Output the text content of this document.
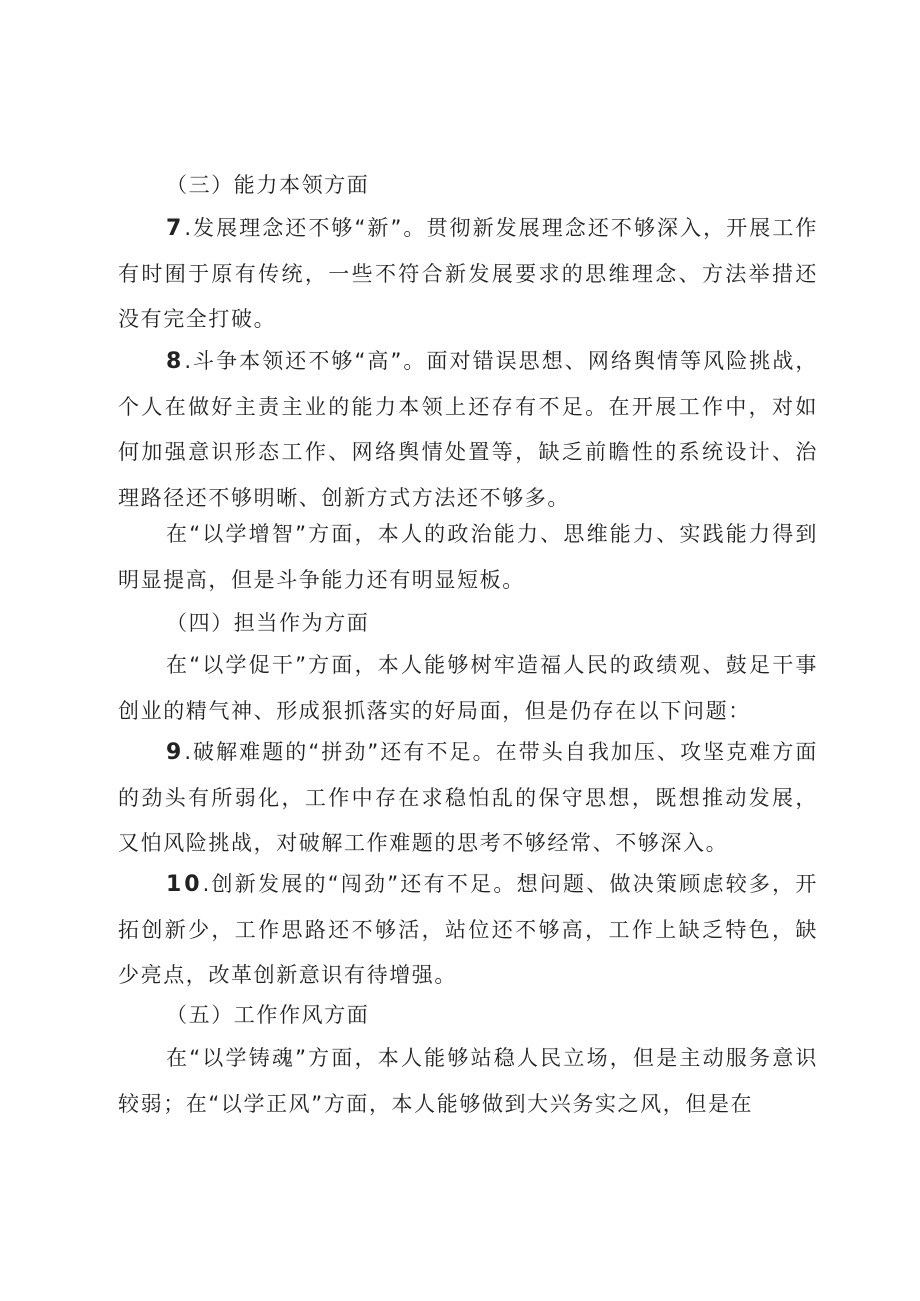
（三）能力本领方面

7.发展理念还不够“新”。贯彻新发展理念还不够深入，开展工作有时囿于原有传统，一些不符合新发展要求的思维理念、方法举措还没有完全打破。

8.斗争本领还不够“高”。面对错误思想、网络舆情等风险挑战，个人在做好主责主业的能力本领上还存有不足。在开展工作中，对如何加强意识形态工作、网络舆情处置等，缺乏前瞻性的系统设计、治理路径还不够明晰、创新方式方法还不够多。

在“以学增智”方面，本人的政治能力、思维能力、实践能力得到明显提高，但是斗争能力还有明显短板。

（四）担当作为方面

在“以学促干”方面，本人能够树牢造福人民的政绩观、鼓足干事创业的精气神、形成狠抓落实的好局面，但是仍存在以下问题：

9.破解难题的“拼劲”还有不足。在带头自我加压、攻坚克难方面的劲头有所弱化，工作中存在求稳怕乱的保守思想，既想推动发展，又怕风险挑战，对破解工作难题的思考不够经常、不够深入。

10.创新发展的“闯劲”还有不足。想问题、做决策顾虑较多，开拓创新少，工作思路还不够活，站位还不够高，工作上缺乏特色，缺少亮点，改革创新意识有待增强。

（五）工作作风方面

在“以学铸魂”方面，本人能够站稳人民立场，但是主动服务意识较弱；在“以学正风”方面，本人能够做到大兴务实之风，但是在
